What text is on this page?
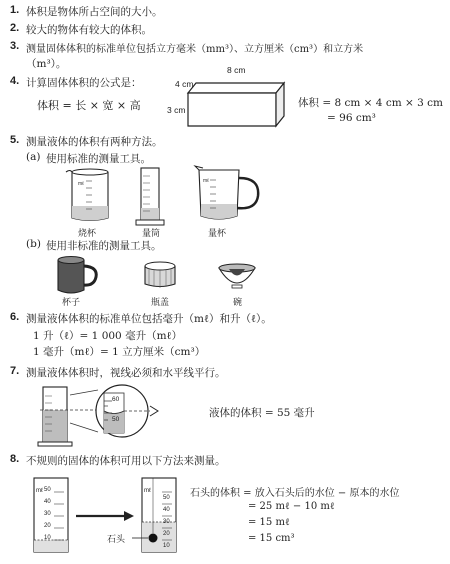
1. 体积是物体所占空间的大小。
2. 较大的物体有较大的体积。
3. 测量固体体积的标准单位包括立方毫米（mm³）、立方厘米（cm³）和立方米
（m³）。
4. 计算固体体积的公式是：
体积 = 长 × 宽 × 高
8 cm
4 cm
3 cm
体积 = 8 cm × 4 cm × 3 cm
= 96 cm³
5. 测量液体的体积有两种方法。
(a) 使用标准的测量工具。
mℓ	mℓ
烧杯	量筒	量杯
(b) 使用非标准的测量工具。
杯子	瓶盖	碗
6. 测量液体体积的标准单位包括毫升（mℓ）和升（ℓ）。
1 升（ℓ）= 1 000 毫升（mℓ）
1 毫升（mℓ）= 1 立方厘米（cm³）
7. 测量液体体积时，视线必须和水平线平行。
60
50
液体的体积 = 55 毫升
8. 不规则的固体的体积可用以下方法来测量。
mℓ	mℓ
50
40
30
20
10
50
40
30
20
10
石头
石头的体积 = 放入石头后的水位 − 原本的水位
= 25 mℓ − 10 mℓ
= 15 mℓ
= 15 cm³
